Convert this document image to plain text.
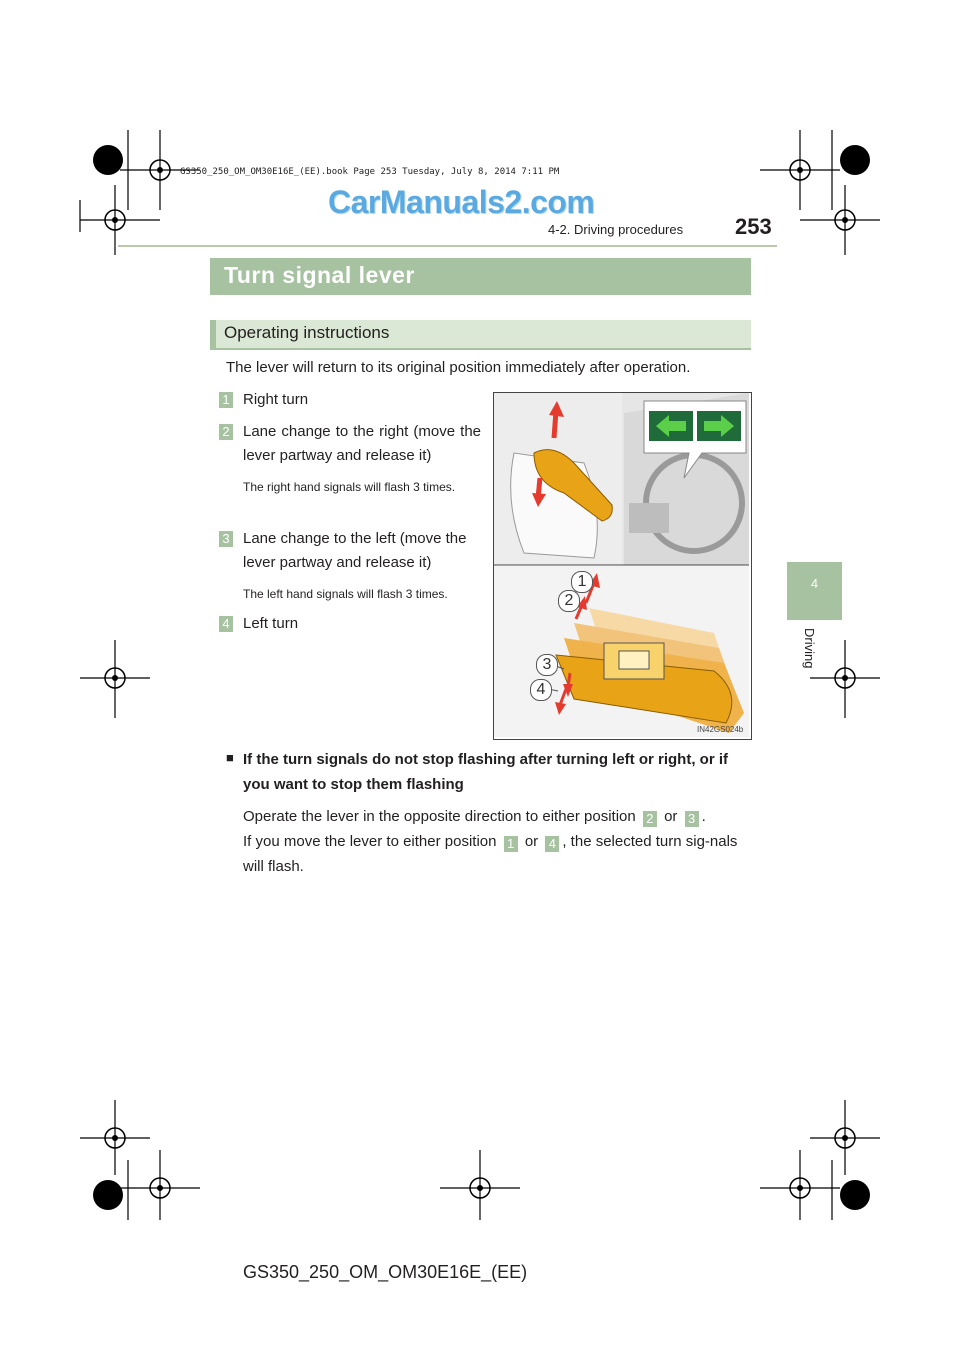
GS350_250_OM_OM30E16E_(EE).book Page 253 Tuesday, July 8, 2014 7:11 PM
CarManuals2.com
4-2. Driving procedures 253
4
Driving
Turn signal lever
Operating instructions
The lever will return to its original position immediately after operation.
1 Right turn
2 Lane change to the right (move the lever partway and release it)
The right hand signals will flash 3 times.
3 Lane change to the left (move the lever partway and release it)
The left hand signals will flash 3 times.
4 Left turn
1
2
3
4
IN42GS024b
■ If the turn signals do not stop flashing after turning left or right, or if you want to stop them flashing
Operate the lever in the opposite direction to either position 2 or 3 .
If you move the lever to either position 1 or 4 , the selected turn sig-nals will flash.
GS350_250_OM_OM30E16E_(EE)
